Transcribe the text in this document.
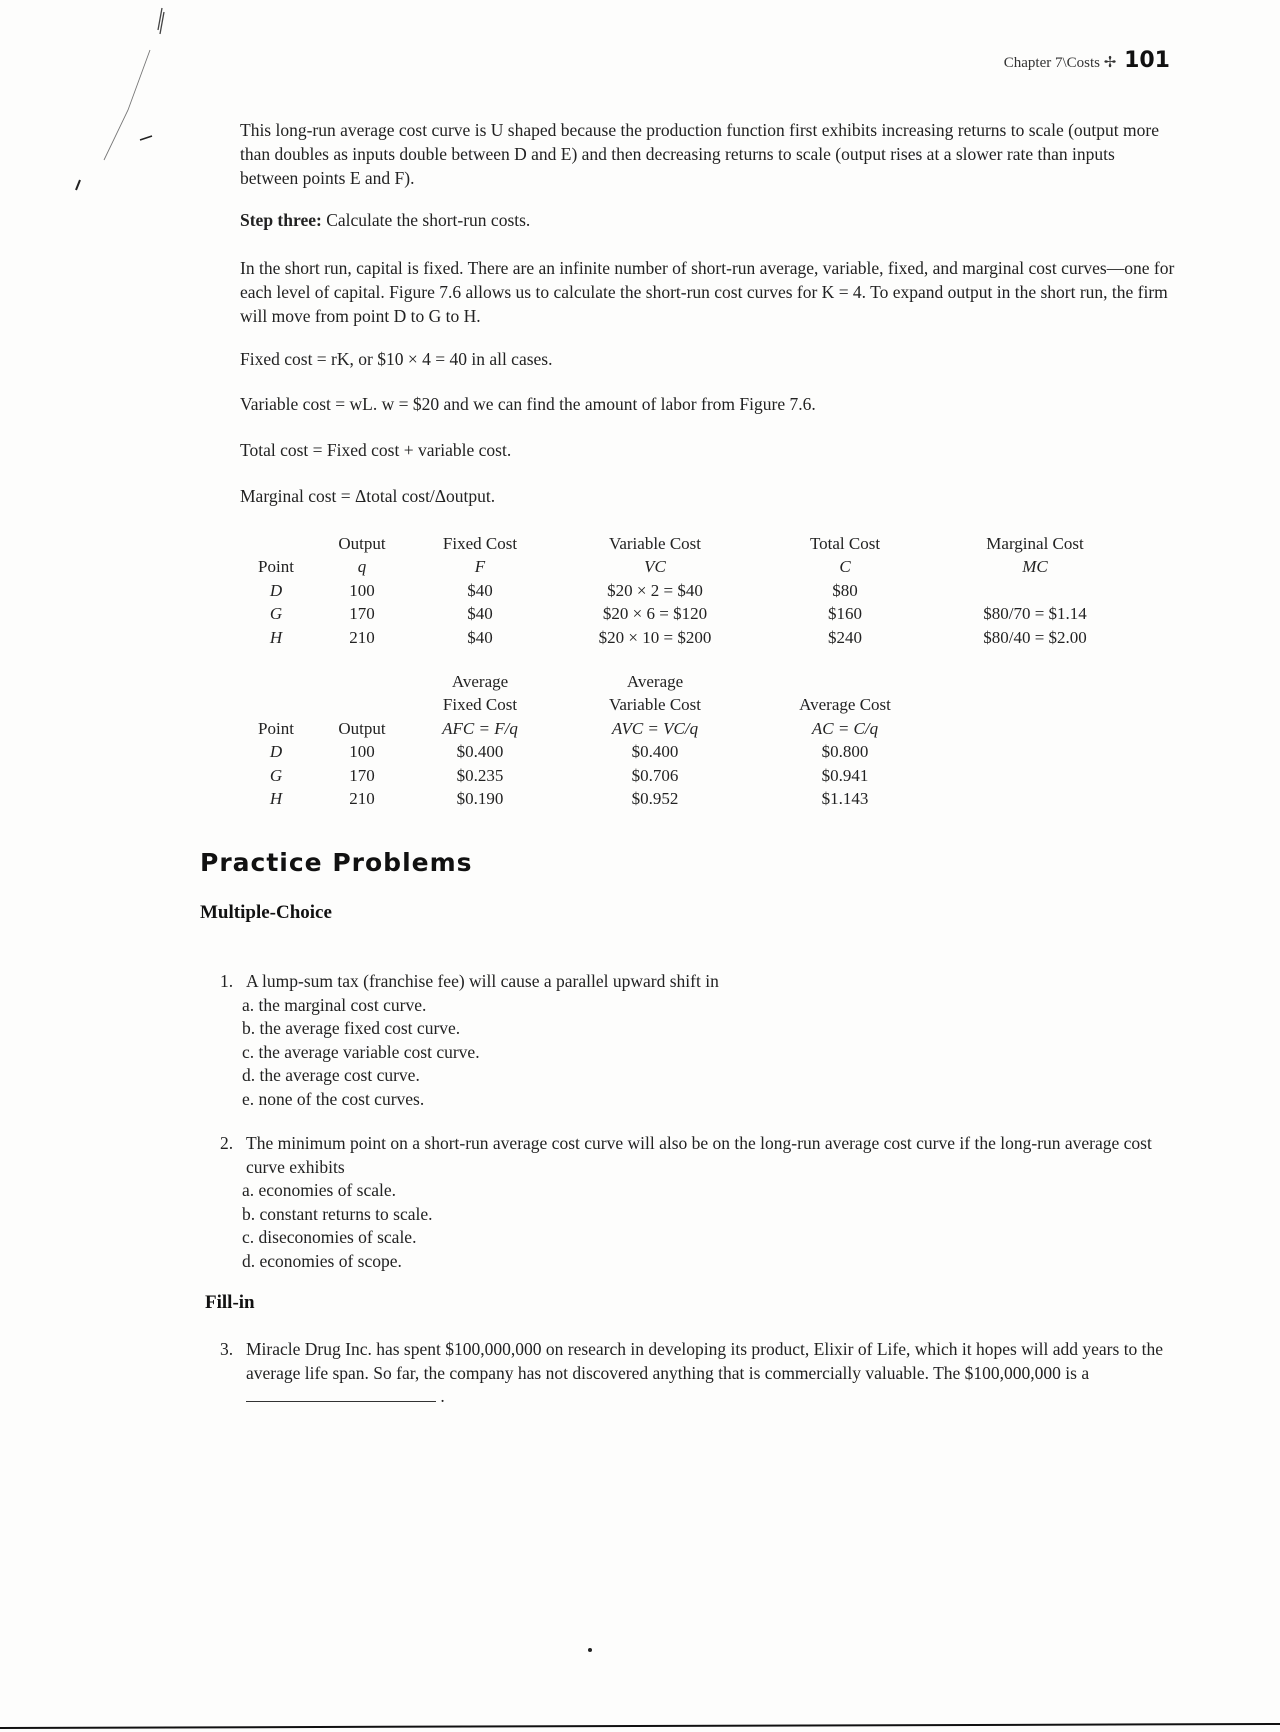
Chapter 7\Costs ✢ 101
This long-run average cost curve is U shaped because the production function first exhibits increasing returns to scale (output more than doubles as inputs double between D and E) and then decreasing returns to scale (output rises at a slower rate than inputs between points E and F).
Step three: Calculate the short-run costs.
In the short run, capital is fixed. There are an infinite number of short-run average, variable, fixed, and marginal cost curves—one for each level of capital. Figure 7.6 allows us to calculate the short-run cost curves for K = 4. To expand output in the short run, the firm will move from point D to G to H.
Fixed cost = rK, or $10 × 4 = 40 in all cases.
Variable cost = wL. w = $20 and we can find the amount of labor from Figure 7.6.
Total cost = Fixed cost + variable cost.
Marginal cost = Δtotal cost/Δoutput.
	Output	Fixed Cost	Variable Cost	Total Cost	Marginal Cost
Point	q	F	VC	C	MC
D	100	$40	$20 × 2 = $40	$80	
G	170	$40	$20 × 6 = $120	$160	$80/70 = $1.14
H	210	$40	$20 × 10 = $200	$240	$80/40 = $2.00
		Average	Average		
		Fixed Cost	Variable Cost	Average Cost	
Point	Output	AFC = F/q	AVC = VC/q	AC = C/q	
D	100	$0.400	$0.400	$0.800	
G	170	$0.235	$0.706	$0.941	
H	210	$0.190	$0.952	$1.143	
Practice Problems
Multiple-Choice
1. A lump-sum tax (franchise fee) will cause a parallel upward shift in
a. the marginal cost curve.
b. the average fixed cost curve.
c. the average variable cost curve.
d. the average cost curve.
e. none of the cost curves.
2. The minimum point on a short-run average cost curve will also be on the long-run average cost curve if the long-run average cost curve exhibits
a. economies of scale.
b. constant returns to scale.
c. diseconomies of scale.
d. economies of scope.
Fill-in
3. Miracle Drug Inc. has spent $100,000,000 on research in developing its product, Elixir of Life, which it hopes will add years to the average life span. So far, the company has not discovered anything that is commercially valuable. The $100,000,000 is a  .
